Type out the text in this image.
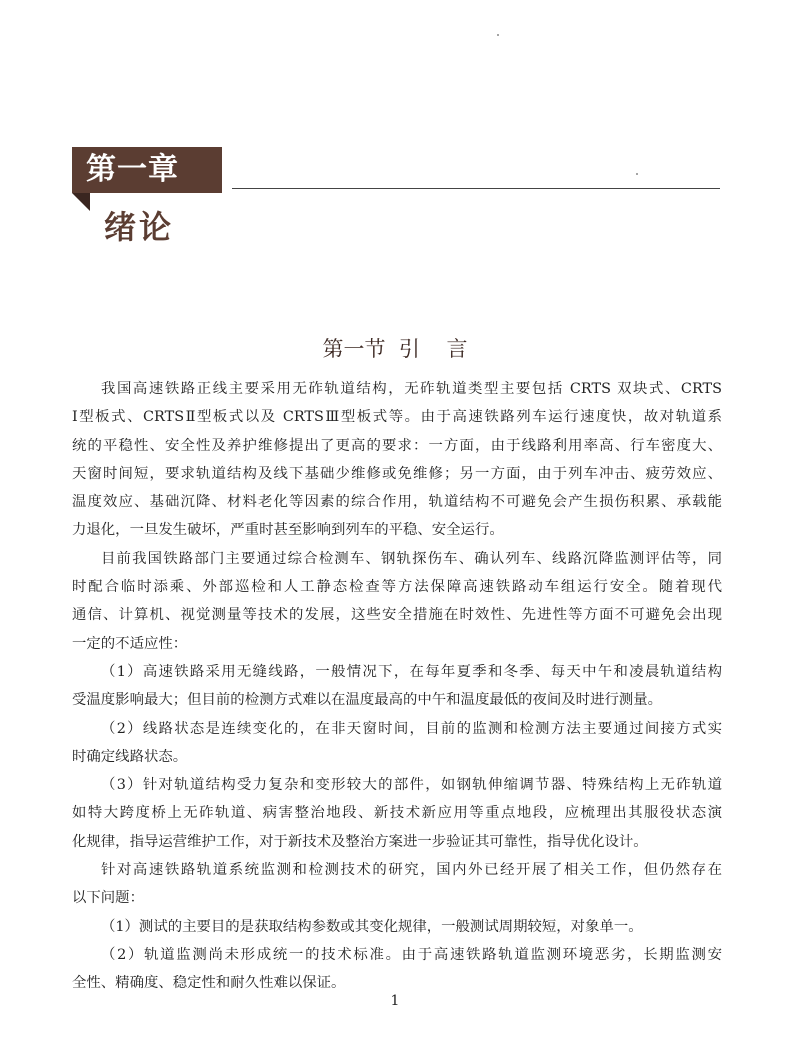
第一章
绪论
第一节  引    言
我国高速铁路正线主要采用无砟轨道结构，无砟轨道类型主要包括 CRTS 双块式、CRTS
Ⅰ型板式、CRTSⅡ型板式以及 CRTSⅢ型板式等。由于高速铁路列车运行速度快，故对轨道系
统的平稳性、安全性及养护维修提出了更高的要求：一方面，由于线路利用率高、行车密度大、
天窗时间短，要求轨道结构及线下基础少维修或免维修；另一方面，由于列车冲击、疲劳效应、
温度效应、基础沉降、材料老化等因素的综合作用，轨道结构不可避免会产生损伤积累、承载能
力退化，一旦发生破坏，严重时甚至影响到列车的平稳、安全运行。
目前我国铁路部门主要通过综合检测车、钢轨探伤车、确认列车、线路沉降监测评估等，同
时配合临时添乘、外部巡检和人工静态检查等方法保障高速铁路动车组运行安全。随着现代
通信、计算机、视觉测量等技术的发展，这些安全措施在时效性、先进性等方面不可避免会出现
一定的不适应性：
（1）高速铁路采用无缝线路，一般情况下，在每年夏季和冬季、每天中午和凌晨轨道结构
受温度影响最大；但目前的检测方式难以在温度最高的中午和温度最低的夜间及时进行测量。
（2）线路状态是连续变化的，在非天窗时间，目前的监测和检测方法主要通过间接方式实
时确定线路状态。
（3）针对轨道结构受力复杂和变形较大的部件，如钢轨伸缩调节器、特殊结构上无砟轨道
如特大跨度桥上无砟轨道、病害整治地段、新技术新应用等重点地段，应梳理出其服役状态演
化规律，指导运营维护工作，对于新技术及整治方案进一步验证其可靠性，指导优化设计。
针对高速铁路轨道系统监测和检测技术的研究，国内外已经开展了相关工作，但仍然存在
以下问题：
（1）测试的主要目的是获取结构参数或其变化规律，一般测试周期较短，对象单一。
（2）轨道监测尚未形成统一的技术标准。由于高速铁路轨道监测环境恶劣，长期监测安
全性、精确度、稳定性和耐久性难以保证。
1
